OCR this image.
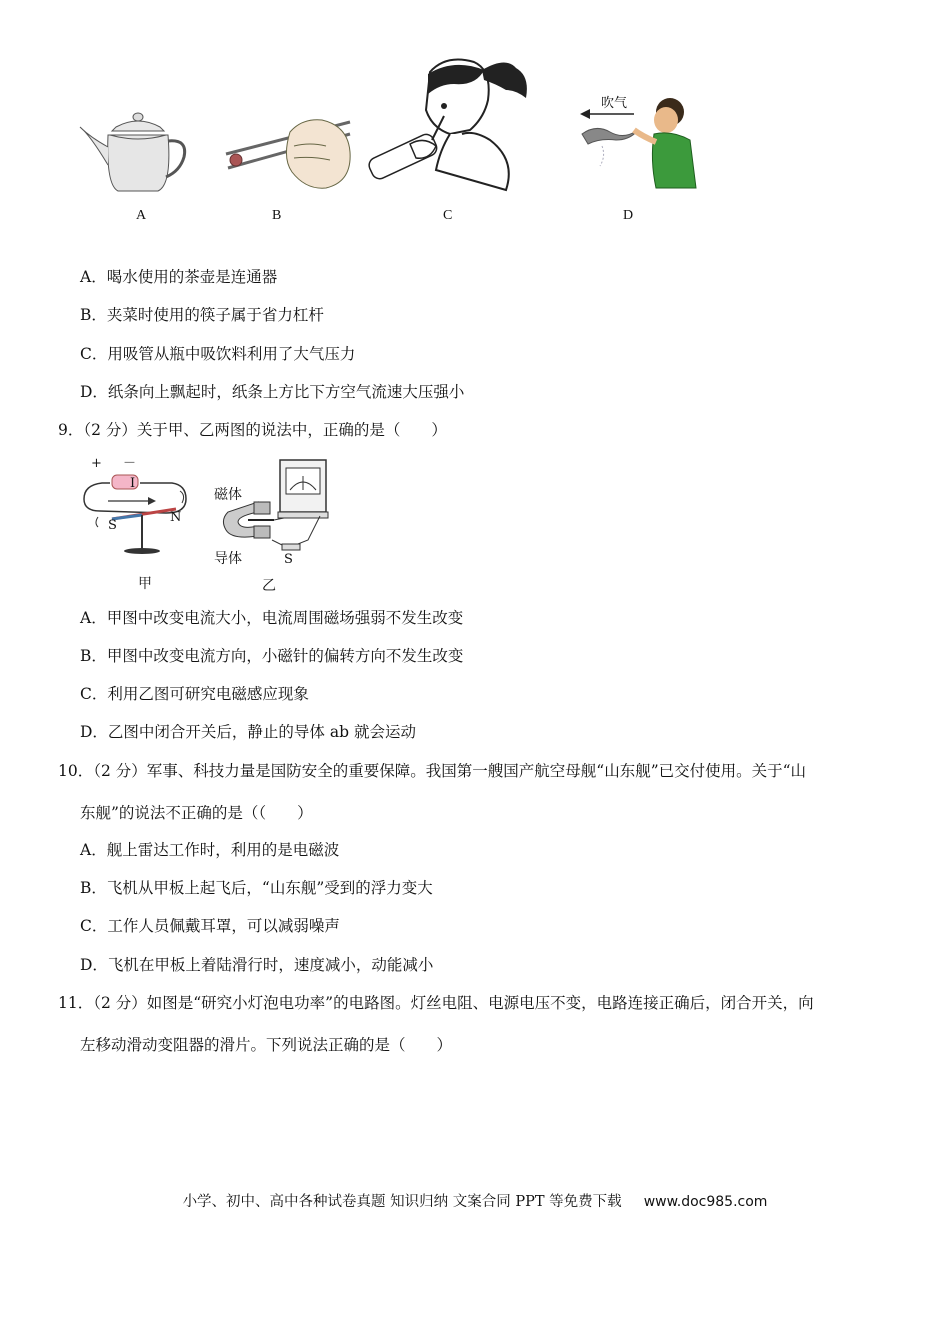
A	B	C
吹气
D
A．喝水使用的茶壶是连通器
B．夹菜时使用的筷子属于省力杠杆
C．用吸管从瓶中吸饮料利用了大气压力
D．纸条向上飘起时，纸条上方比下方空气流速大压强小
9．（2 分）关于甲、乙两图的说法中，正确的是（　　）
+ －
I
S
N
甲
磁体
导体	S
乙
A．甲图中改变电流大小，电流周围磁场强弱不发生改变
B．甲图中改变电流方向，小磁针的偏转方向不发生改变
C．利用乙图可研究电磁感应现象
D．乙图中闭合开关后，静止的导体 ab 就会运动
10．（2 分）军事、科技力量是国防安全的重要保障。我国第一艘国产航空母舰“山东舰”已交付使用。关于“山
东舰”的说法不正确的是（（　　）
A．舰上雷达工作时，利用的是电磁波
B．飞机从甲板上起飞后，“山东舰”受到的浮力变大
C．工作人员佩戴耳罩，可以减弱噪声
D．飞机在甲板上着陆滑行时，速度减小，动能减小
11．（2 分）如图是“研究小灯泡电功率”的电路图。灯丝电阻、电源电压不变，电路连接正确后，闭合开关，向
左移动滑动变阻器的滑片。下列说法正确的是（　　）
小学、初中、高中各种试卷真题 知识归纳 文案合同 PPT 等免费下载 www.doc985.com
